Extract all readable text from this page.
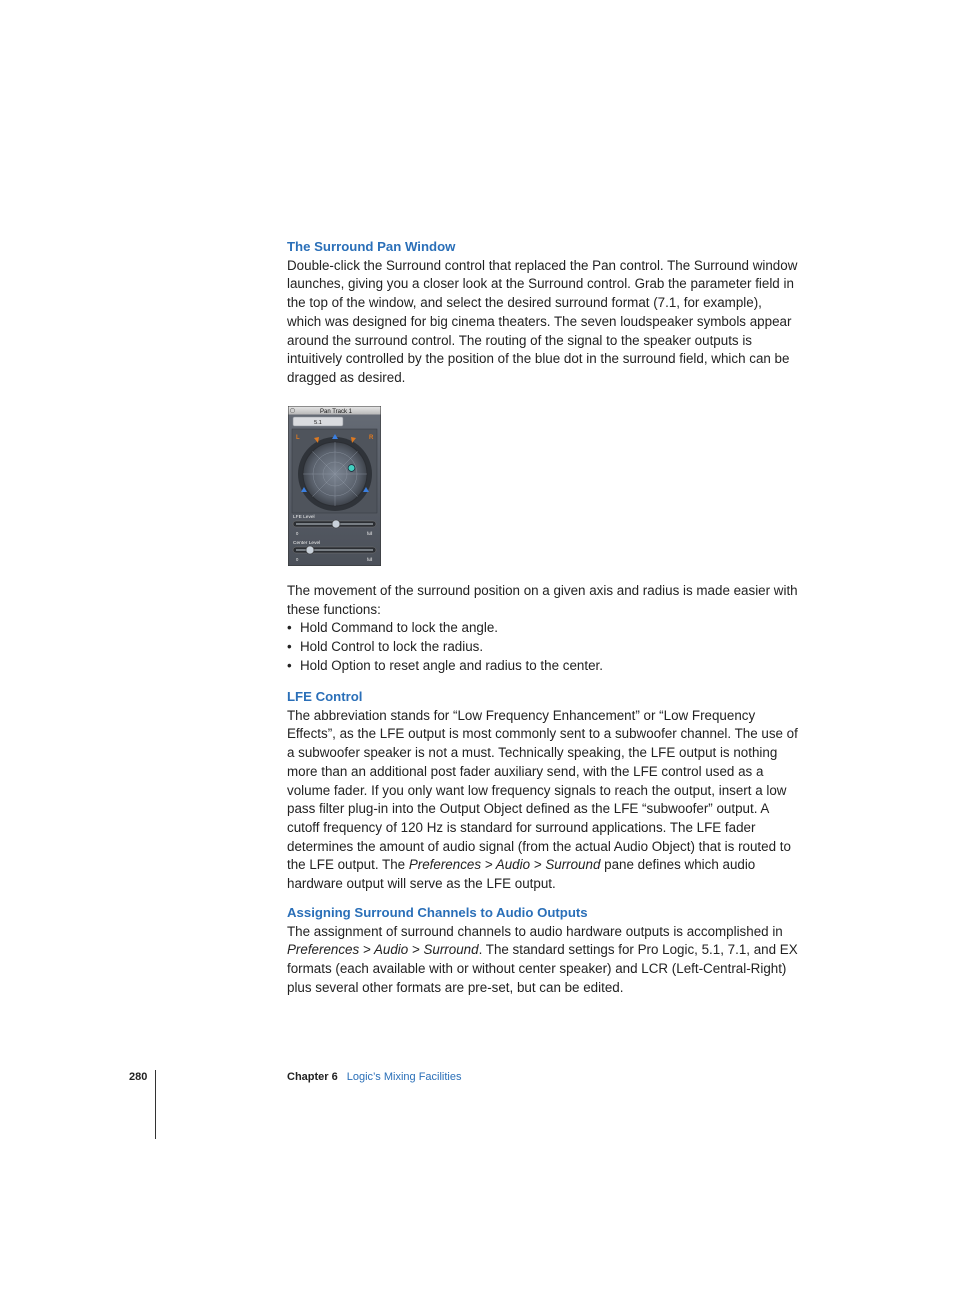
The Surround Pan Window

Double-click the Surround control that replaced the Pan control. The Surround window launches, giving you a closer look at the Surround control. Grab the parameter field in the top of the window, and select the desired surround format (7.1, for example), which was designed for big cinema theaters. The seven loudspeaker symbols appear around the surround control. The routing of the signal to the speaker outputs is intuitively controlled by the position of the blue dot in the surround field, which can be dragged as desired.

Pan Track 1
5.1
L	R
LFE Level
0	full
Center Level
0	full

The movement of the surround position on a given axis and radius is made easier with these functions:

• Hold Command to lock the angle.
• Hold Control to lock the radius.
• Hold Option to reset angle and radius to the center.
LFE Control

The abbreviation stands for “Low Frequency Enhancement” or “Low Frequency Effects”, as the LFE output is most commonly sent to a subwoofer channel. The use of a subwoofer speaker is not a must. Technically speaking, the LFE output is nothing more than an additional post fader auxiliary send, with the LFE control used as a volume fader. If you only want low frequency signals to reach the output, insert a low pass filter plug-in into the Output Object defined as the LFE “subwoofer” output. A cutoff frequency of 120 Hz is standard for surround applications. The LFE fader determines the amount of audio signal (from the actual Audio Object) that is routed to the LFE output. The Preferences > Audio > Surround pane defines which audio hardware output will serve as the LFE output.

Assigning Surround Channels to Audio Outputs

The assignment of surround channels to audio hardware outputs is accomplished in Preferences > Audio > Surround. The standard settings for Pro Logic, 5.1, 7.1, and EX formats (each available with or without center speaker) and LCR (Left-Central-Right) plus several other formats are pre-set, but can be edited.

280	Chapter 6 Logic’s Mixing Facilities
